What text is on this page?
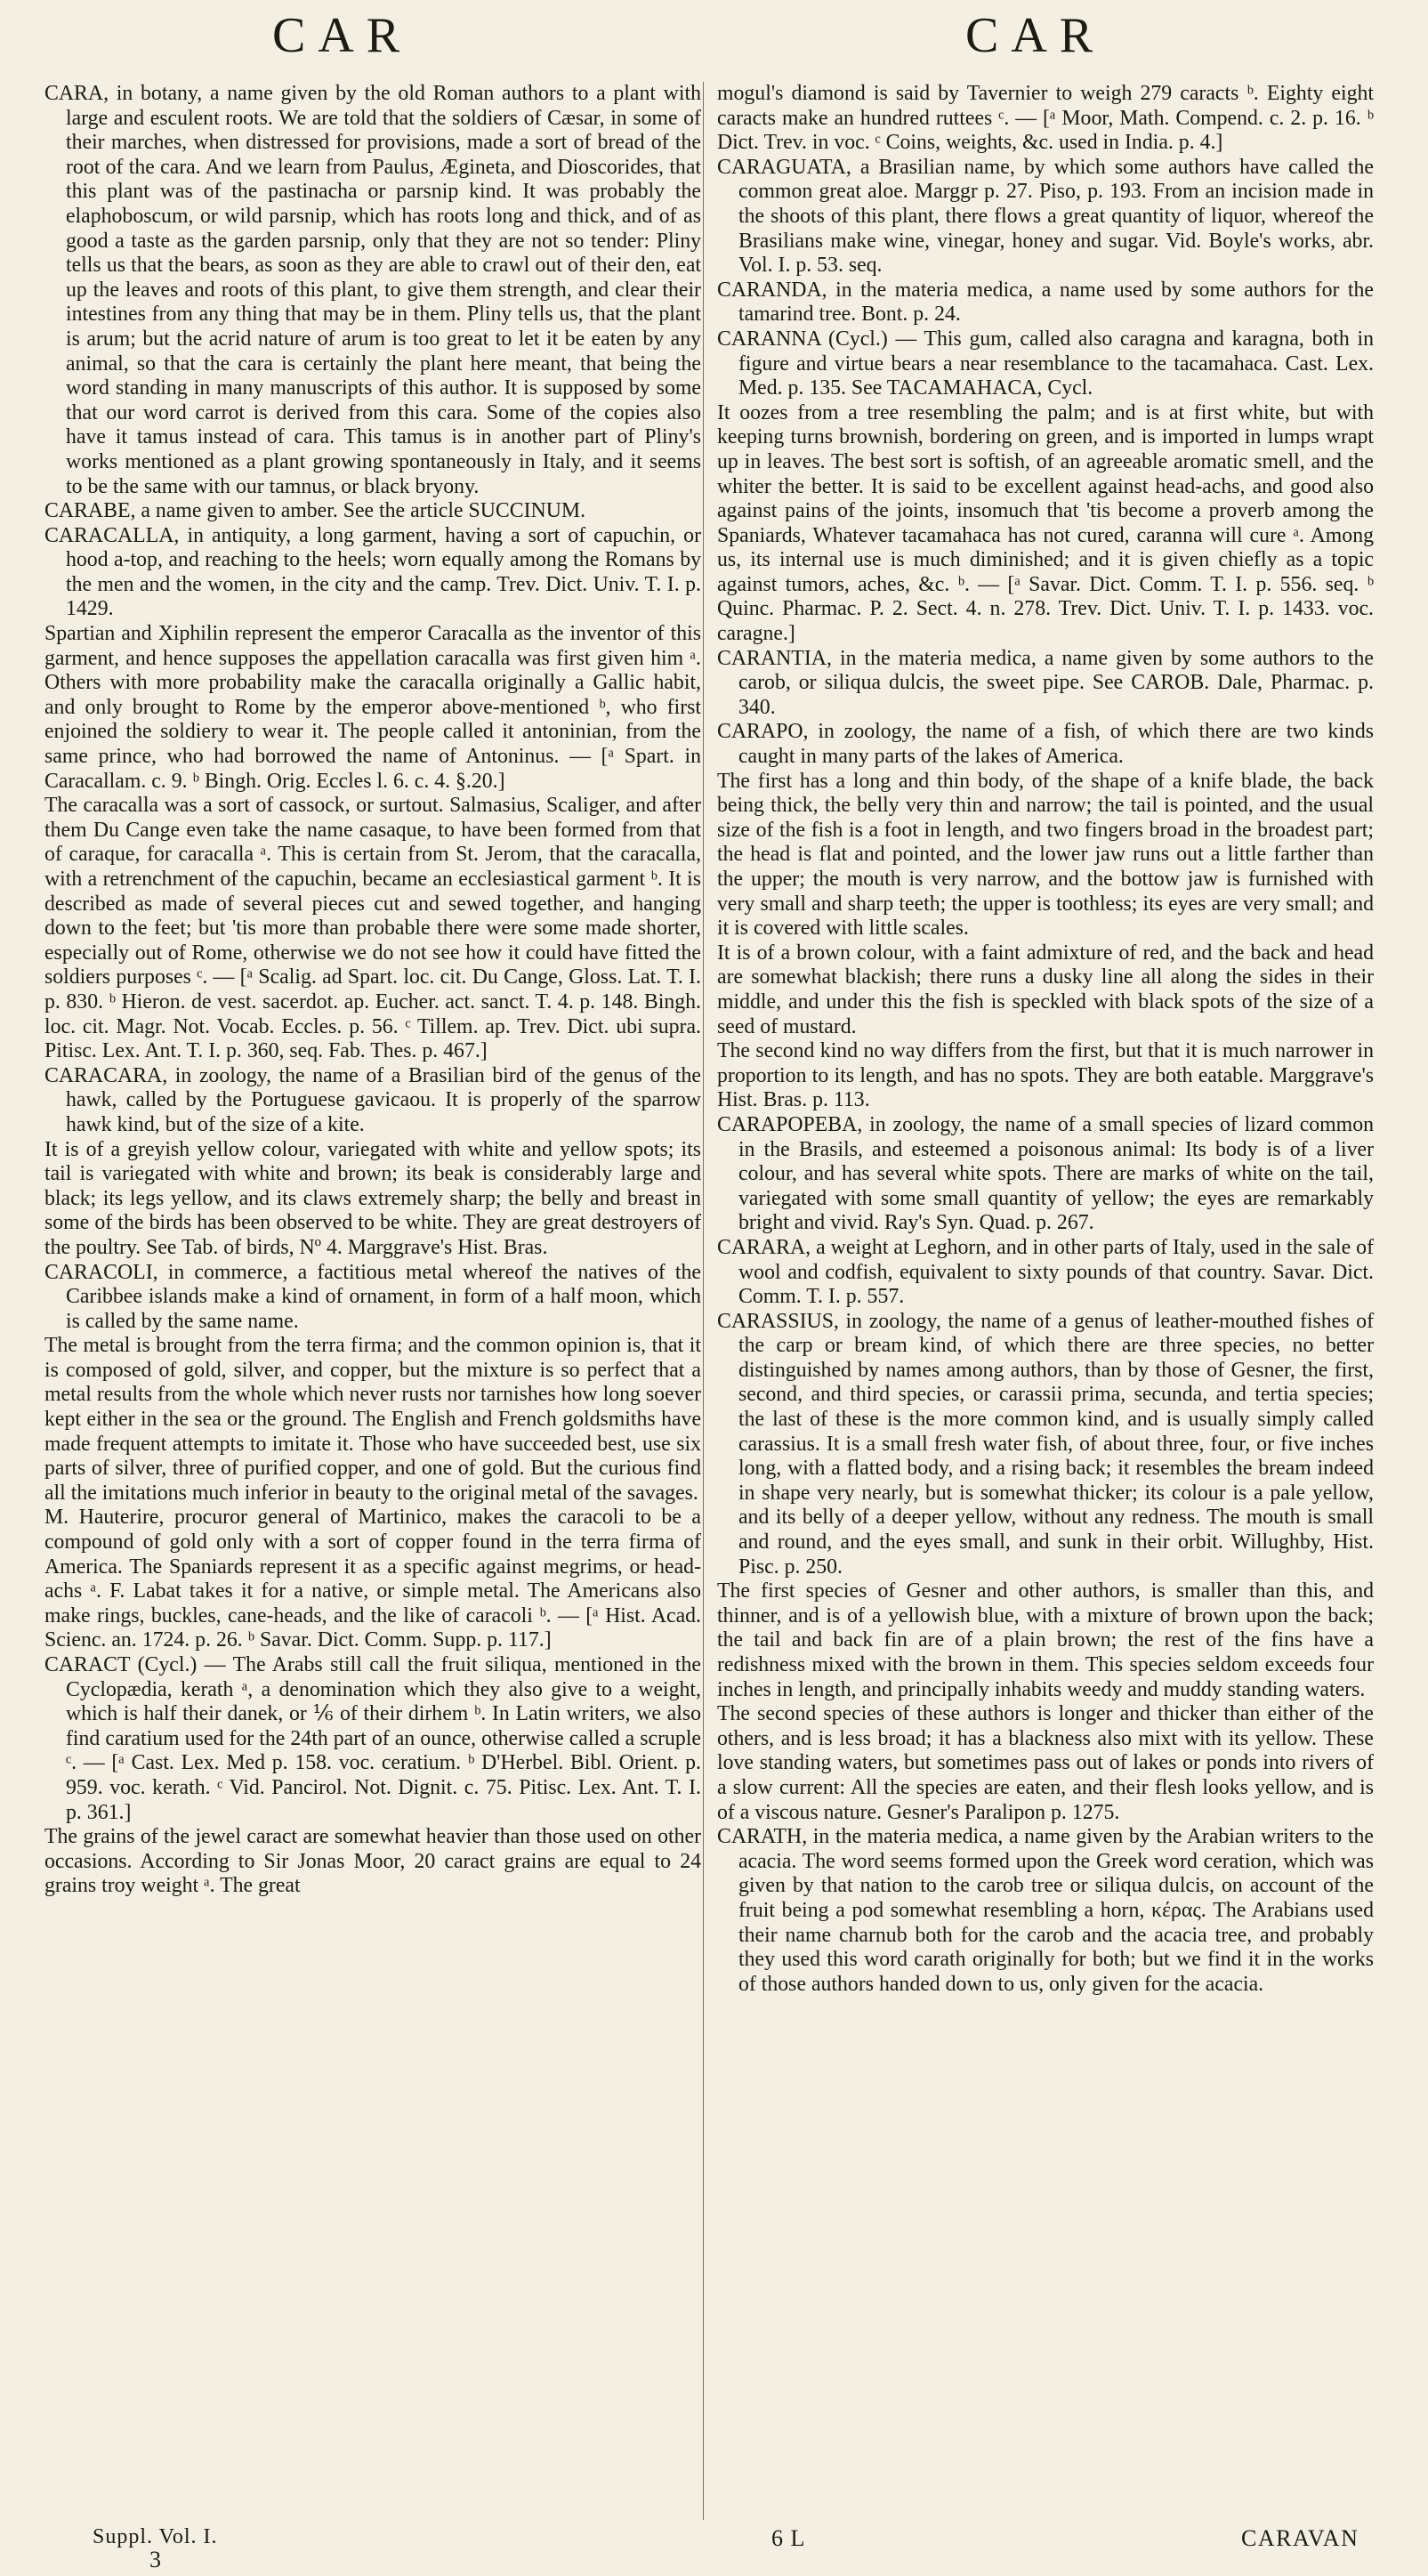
CAR	CAR

CARA, in botany, a name given by the old Roman authors to a plant with large and esculent roots. We are told that the soldiers of Cæsar, in some of their marches, when distressed for provisions, made a sort of bread of the root of the cara. And we learn from Paulus, Ægineta, and Dioscorides, that this plant was of the pastinacha or parsnip kind. It was probably the elaphoboscum, or wild parsnip, which has roots long and thick, and of as good a taste as the garden parsnip, only that they are not so tender: Pliny tells us that the bears, as soon as they are able to crawl out of their den, eat up the leaves and roots of this plant, to give them strength, and clear their intestines from any thing that may be in them. Pliny tells us, that the plant is arum; but the acrid nature of arum is too great to let it be eaten by any animal, so that the cara is certainly the plant here meant, that being the word standing in many manuscripts of this author. It is supposed by some that our word carrot is derived from this cara. Some of the copies also have it tamus instead of cara. This tamus is in another part of Pliny's works mentioned as a plant growing spontaneously in Italy, and it seems to be the same with our tamnus, or black bryony.

CARABE, a name given to amber. See the article SUCCINUM.

CARACALLA, in antiquity, a long garment, having a sort of capuchin, or hood a-top, and reaching to the heels; worn equally among the Romans by the men and the women, in the city and the camp. Trev. Dict. Univ. T. I. p. 1429.

Spartian and Xiphilin represent the emperor Caracalla as the inventor of this garment, and hence supposes the appellation caracalla was first given him ᵃ. Others with more probability make the caracalla originally a Gallic habit, and only brought to Rome by the emperor above-mentioned ᵇ, who first enjoined the soldiery to wear it. The people called it antoninian, from the same prince, who had borrowed the name of Antoninus. — [ᵃ Spart. in Caracallam. c. 9. ᵇ Bingh. Orig. Eccles l. 6. c. 4. §.20.]

The caracalla was a sort of cassock, or surtout. Salmasius, Scaliger, and after them Du Cange even take the name casaque, to have been formed from that of caraque, for caracalla ᵃ. This is certain from St. Jerom, that the caracalla, with a retrenchment of the capuchin, became an ecclesiastical garment ᵇ. It is described as made of several pieces cut and sewed together, and hanging down to the feet; but 'tis more than probable there were some made shorter, especially out of Rome, otherwise we do not see how it could have fitted the soldiers purposes ᶜ. — [ᵃ Scalig. ad Spart. loc. cit. Du Cange, Gloss. Lat. T. I. p. 830. ᵇ Hieron. de vest. sacerdot. ap. Eucher. act. sanct. T. 4. p. 148. Bingh. loc. cit. Magr. Not. Vocab. Eccles. p. 56. ᶜ Tillem. ap. Trev. Dict. ubi supra. Pitisc. Lex. Ant. T. I. p. 360, seq. Fab. Thes. p. 467.]

CARACARA, in zoology, the name of a Brasilian bird of the genus of the hawk, called by the Portuguese gavicaou. It is properly of the sparrow hawk kind, but of the size of a kite.

It is of a greyish yellow colour, variegated with white and yellow spots; its tail is variegated with white and brown; its beak is considerably large and black; its legs yellow, and its claws extremely sharp; the belly and breast in some of the birds has been observed to be white. They are great destroyers of the poultry. See Tab. of birds, Nº 4. Marggrave's Hist. Bras.

CARACOLI, in commerce, a factitious metal whereof the natives of the Caribbee islands make a kind of ornament, in form of a half moon, which is called by the same name.

The metal is brought from the terra firma; and the common opinion is, that it is composed of gold, silver, and copper, but the mixture is so perfect that a metal results from the whole which never rusts nor tarnishes how long soever kept either in the sea or the ground. The English and French goldsmiths have made frequent attempts to imitate it. Those who have succeeded best, use six parts of silver, three of purified copper, and one of gold. But the curious find all the imitations much inferior in beauty to the original metal of the savages.

M. Hauterire, procuror general of Martinico, makes the caracoli to be a compound of gold only with a sort of copper found in the terra firma of America. The Spaniards represent it as a specific against megrims, or head-achs ᵃ. F. Labat takes it for a native, or simple metal. The Americans also make rings, buckles, cane-heads, and the like of caracoli ᵇ. — [ᵃ Hist. Acad. Scienc. an. 1724. p. 26. ᵇ Savar. Dict. Comm. Supp. p. 117.]

CARACT (Cycl.) — The Arabs still call the fruit siliqua, mentioned in the Cyclopædia, kerath ᵃ, a denomination which they also give to a weight, which is half their danek, or ⅙ of their dirhem ᵇ. In Latin writers, we also find caratium used for the 24th part of an ounce, otherwise called a scruple ᶜ. — [ᵃ Cast. Lex. Med p. 158. voc. ceratium. ᵇ D'Herbel. Bibl. Orient. p. 959. voc. kerath. ᶜ Vid. Pancirol. Not. Dignit. c. 75. Pitisc. Lex. Ant. T. I. p. 361.]

The grains of the jewel caract are somewhat heavier than those used on other occasions. According to Sir Jonas Moor, 20 caract grains are equal to 24 grains troy weight ᵃ. The great

mogul's diamond is said by Tavernier to weigh 279 caracts ᵇ. Eighty eight caracts make an hundred ruttees ᶜ. — [ᵃ Moor, Math. Compend. c. 2. p. 16. ᵇ Dict. Trev. in voc. ᶜ Coins, weights, &c. used in India. p. 4.]

CARAGUATA, a Brasilian name, by which some authors have called the common great aloe. Marggr p. 27. Piso, p. 193. From an incision made in the shoots of this plant, there flows a great quantity of liquor, whereof the Brasilians make wine, vinegar, honey and sugar. Vid. Boyle's works, abr. Vol. I. p. 53. seq.

CARANDA, in the materia medica, a name used by some authors for the tamarind tree. Bont. p. 24.

CARANNA (Cycl.) — This gum, called also caragna and karagna, both in figure and virtue bears a near resemblance to the tacamahaca. Cast. Lex. Med. p. 135. See TACAMAHACA, Cycl.

It oozes from a tree resembling the palm; and is at first white, but with keeping turns brownish, bordering on green, and is imported in lumps wrapt up in leaves. The best sort is softish, of an agreeable aromatic smell, and the whiter the better. It is said to be excellent against head-achs, and good also against pains of the joints, insomuch that 'tis become a proverb among the Spaniards, Whatever tacamahaca has not cured, caranna will cure ᵃ. Among us, its internal use is much diminished; and it is given chiefly as a topic against tumors, aches, &c. ᵇ. — [ᵃ Savar. Dict. Comm. T. I. p. 556. seq. ᵇ Quinc. Pharmac. P. 2. Sect. 4. n. 278. Trev. Dict. Univ. T. I. p. 1433. voc. caragne.]

CARANTIA, in the materia medica, a name given by some authors to the carob, or siliqua dulcis, the sweet pipe. See CAROB. Dale, Pharmac. p. 340.

CARAPO, in zoology, the name of a fish, of which there are two kinds caught in many parts of the lakes of America.

The first has a long and thin body, of the shape of a knife blade, the back being thick, the belly very thin and narrow; the tail is pointed, and the usual size of the fish is a foot in length, and two fingers broad in the broadest part; the head is flat and pointed, and the lower jaw runs out a little farther than the upper; the mouth is very narrow, and the bottow jaw is furnished with very small and sharp teeth; the upper is toothless; its eyes are very small; and it is covered with little scales.

It is of a brown colour, with a faint admixture of red, and the back and head are somewhat blackish; there runs a dusky line all along the sides in their middle, and under this the fish is speckled with black spots of the size of a seed of mustard.

The second kind no way differs from the first, but that it is much narrower in proportion to its length, and has no spots. They are both eatable. Marggrave's Hist. Bras. p. 113.

CARAPOPEBA, in zoology, the name of a small species of lizard common in the Brasils, and esteemed a poisonous animal: Its body is of a liver colour, and has several white spots. There are marks of white on the tail, variegated with some small quantity of yellow; the eyes are remarkably bright and vivid. Ray's Syn. Quad. p. 267.

CARARA, a weight at Leghorn, and in other parts of Italy, used in the sale of wool and codfish, equivalent to sixty pounds of that country. Savar. Dict. Comm. T. I. p. 557.

CARASSIUS, in zoology, the name of a genus of leather-mouthed fishes of the carp or bream kind, of which there are three species, no better distinguished by names among authors, than by those of Gesner, the first, second, and third species, or carassii prima, secunda, and tertia species; the last of these is the more common kind, and is usually simply called carassius. It is a small fresh water fish, of about three, four, or five inches long, with a flatted body, and a rising back; it resembles the bream indeed in shape very nearly, but is somewhat thicker; its colour is a pale yellow, and its belly of a deeper yellow, without any redness. The mouth is small and round, and the eyes small, and sunk in their orbit. Willughby, Hist. Pisc. p. 250.

The first species of Gesner and other authors, is smaller than this, and thinner, and is of a yellowish blue, with a mixture of brown upon the back; the tail and back fin are of a plain brown; the rest of the fins have a redishness mixed with the brown in them. This species seldom exceeds four inches in length, and principally inhabits weedy and muddy standing waters.

The second species of these authors is longer and thicker than either of the others, and is less broad; it has a blackness also mixt with its yellow. These love standing waters, but sometimes pass out of lakes or ponds into rivers of a slow current: All the species are eaten, and their flesh looks yellow, and is of a viscous nature. Gesner's Paralipon p. 1275.

CARATH, in the materia medica, a name given by the Arabian writers to the acacia. The word seems formed upon the Greek word ceration, which was given by that nation to the carob tree or siliqua dulcis, on account of the fruit being a pod somewhat resembling a horn, κέρας. The Arabians used their name charnub both for the carob and the acacia tree, and probably they used this word carath originally for both; but we find it in the works of those authors handed down to us, only given for the acacia.

Suppl. Vol. I.
3
6 L	CARAVAN
